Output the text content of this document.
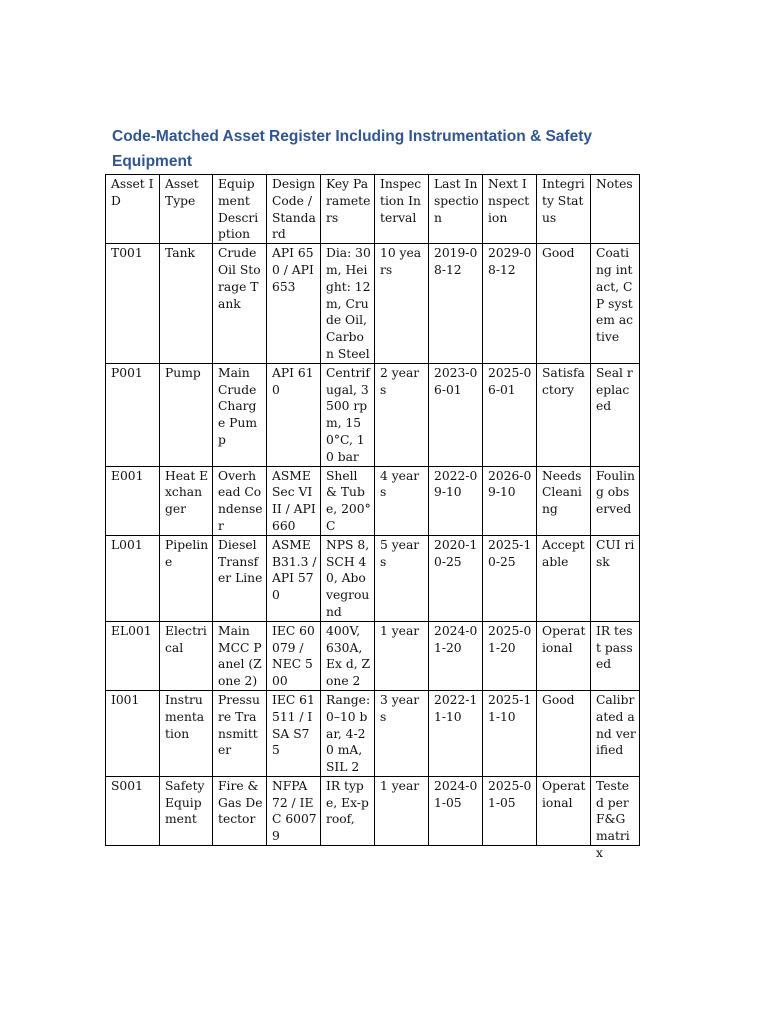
Code-Matched Asset Register Including Instrumentation & Safety Equipment
Asset ID	Asset Type	Equipment Description	Design Code / Standard	Key Parameters	Inspection Interval	Last Inspection	Next Inspection	Integrity Status	Notes
T001	Tank	Crude Oil Storage Tank	API 650 / API 653	Dia: 30m, Height: 12m, Crude Oil, Carbon Steel	10 years	2019-08-12	2029-08-12	Good	Coating intact, CP system active
P001	Pump	Main Crude Charge Pump	API 610	Centrifugal, 3500 rpm, 150°C, 10 bar	2 years	2023-06-01	2025-06-01	Satisfactory	Seal replaced
E001	Heat Exchanger	Overhead Condenser	ASME Sec VIII / API 660	Shell & Tube, 200°C	4 years	2022-09-10	2026-09-10	Needs Cleaning	Fouling observed
L001	Pipeline	Diesel Transfer Line	ASME B31.3 / API 570	NPS 8, SCH 40, Aboveground	5 years	2020-10-25	2025-10-25	Acceptable	CUI risk
EL001	Electrical	Main MCC Panel (Zone 2)	IEC 60079 / NEC 500	400V, 630A, Ex d, Zone 2	1 year	2024-01-20	2025-01-20	Operational	IR test passed
I001	Instrumentation	Pressure Transmitter	IEC 61511 / ISA S75	Range: 0–10 bar, 4-20 mA, SIL 2	3 years	2022-11-10	2025-11-10	Good	Calibrated and verified

S001	Safety Equipment	Fire & Gas Detector	NFPA 72 / IEC 60079	IR type, Ex-proof,	1 year	2024-01-05	2025-01-05	Operational	Tested per F&G matrix
